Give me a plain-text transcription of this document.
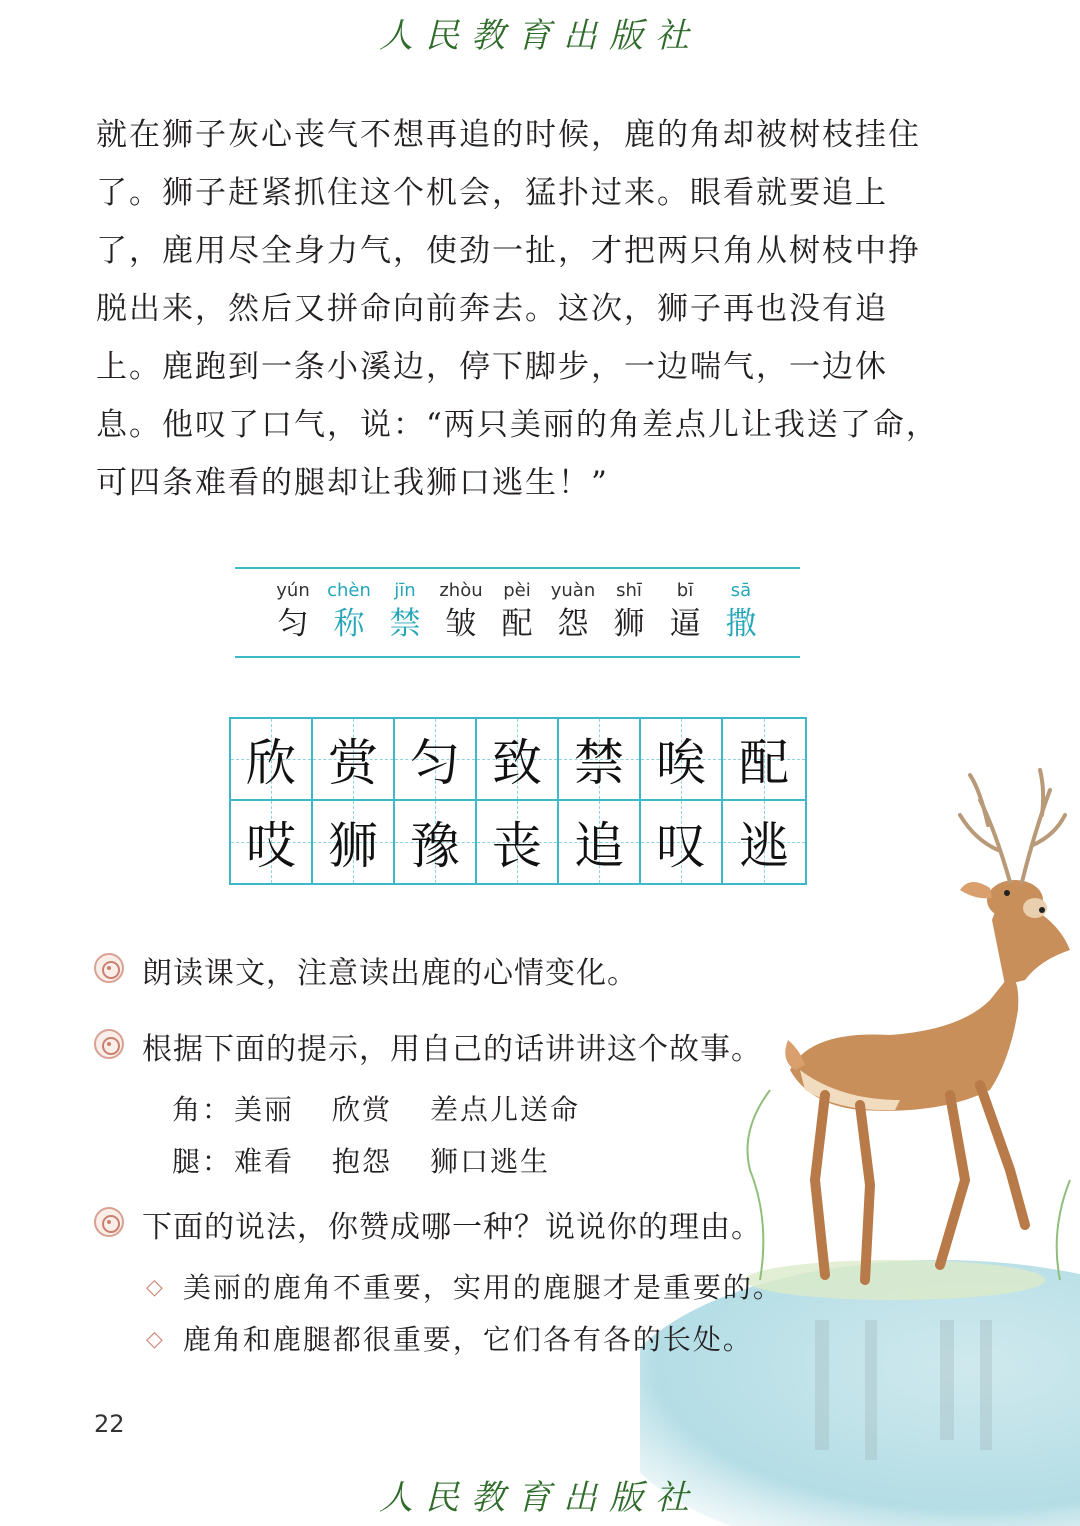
人民教育出版社

就在狮子灰心丧气不想再追的时候，鹿的角却被树枝挂住了。狮子赶紧抓住这个机会，猛扑过来。眼看就要追上了，鹿用尽全身力气，使劲一扯，才把两只角从树枝中挣脱出来，然后又拼命向前奔去。这次，狮子再也没有追上。 鹿跑到一条小溪边，停下脚步，一边喘气，一边休息。他叹了口气，说：“两只美丽的角差点儿让我送了命，可四条难看的腿却让我狮口逃生！”

yún
匀
chèn
称
jīn
禁
zhòu
皱
pèi
配
yuàn
怨
shī
狮
bī
逼
sā
撒
欣 赏 匀 致 禁 唉 配
哎 狮 豫 丧 追 叹 逃
朗读课文，注意读出鹿的心情变化。
根据下面的提示，用自己的话讲讲这个故事。
角： 美丽 欣赏 差点儿送命
腿： 难看 抱怨 狮口逃生
下面的说法，你赞成哪一种？说说你的理由。
◇ 美丽的鹿角不重要，实用的鹿腿才是重要的。
◇ 鹿角和鹿腿都很重要，它们各有各的长处。
22
人民教育出版社
